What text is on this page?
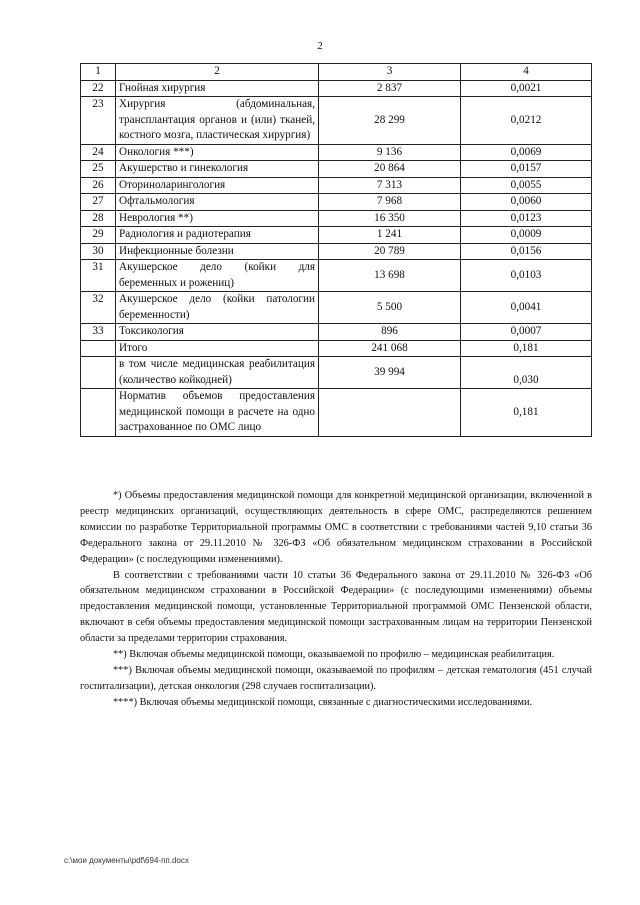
2
1	2	3	4
22	Гнойная хирургия	2 837	0,0021
23	Хирургия (абдоминальная, трансплантация органов и (или) тканей, костного мозга, пластическая хирургия)	28 299	0,0212
24	Онкология ***)	9 136	0,0069
25	Акушерство и гинекология	20 864	0,0157
26	Оториноларингология	7 313	0,0055
27	Офтальмология	7 968	0,0060
28	Неврология **)	16 350	0,0123
29	Радиология и радиотерапия	1 241	0,0009
30	Инфекционные болезни	20 789	0,0156
31	Акушерское дело (койки для беременных и рожениц)	13 698	0,0103
32	Акушерское дело (койки патологии беременности)	5 500	0,0041
33	Токсикология	896	0,0007
	Итого	241 068	0,181
	в том числе медицинская реабилитация (количество койкодней)	39 994	0,030
	Норматив объемов предоставления медицинской помощи в расчете на одно застрахованное по ОМС лицо		0,181

*) Объемы предоставления медицинской помощи для конкретной медицинской организации, включенной в реестр медицинских организаций, осуществляющих деятельность в сфере ОМС, распределяются решением комиссии по разработке Территориальной программы ОМС в соответствии с требованиями частей 9,10 статьи 36 Федерального закона от 29.11.2010 № 326-ФЗ «Об обязательном медицинском страховании в Российской Федерации» (с последующими изменениями).

В соответствии с требованиями части 10 статьи 36 Федерального закона от 29.11.2010 № 326-ФЗ «Об обязательном медицинском страховании в Российской Федерации» (с последующими изменениями) объемы предоставления медицинской помощи, установленные Территориальной программой ОМС Пензенской области, включают в себя объемы предоставления медицинской помощи застрахованным лицам на территории Пензенской области за пределами территории страхования.

**) Включая объемы медицинской помощи, оказываемой по профилю – медицинская реабилитация.

***) Включая объемы медицинской помощи, оказываемой по профилям – детская гематология (451 случай госпитализации), детская онкология (298 случаев госпитализации).

****) Включая объемы медицинской помощи, связанные с диагностическими исследованиями.

c:\мои документы\pdf\694-пп.docx
